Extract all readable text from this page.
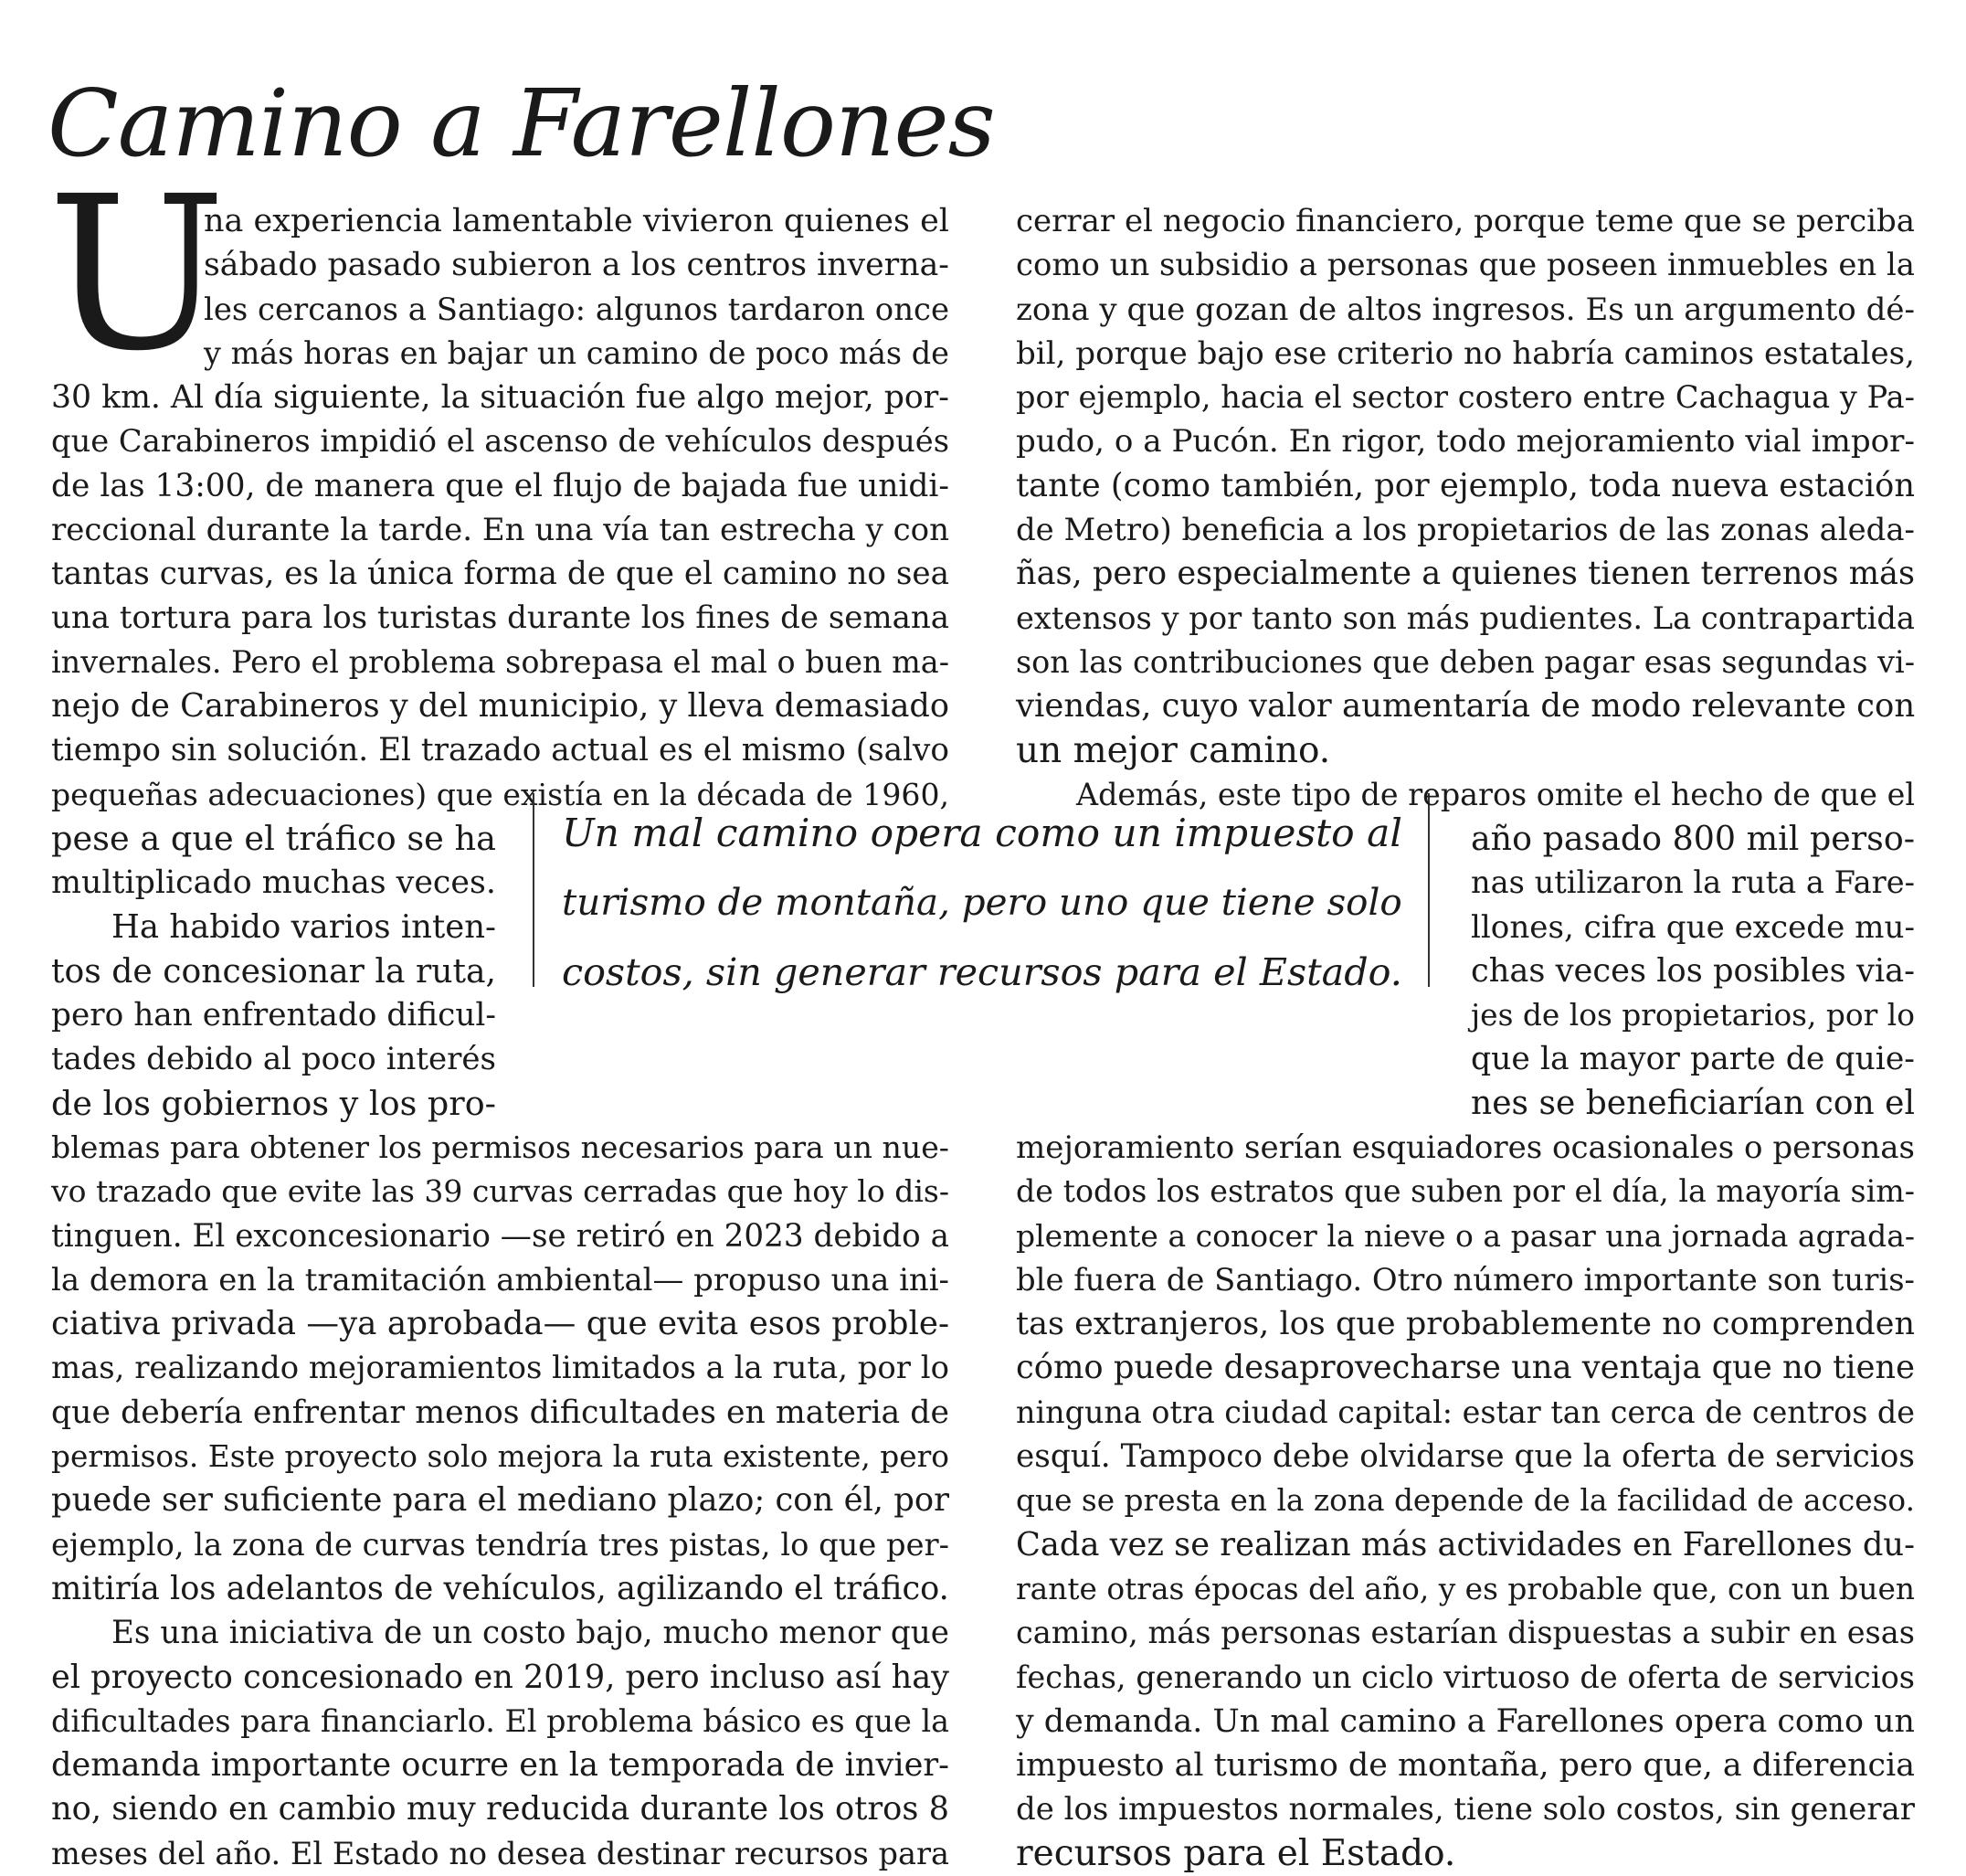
Camino a Farellones
U
na experiencia lamentable vivieron quienes el
sábado pasado subieron a los centros inverna-
les cercanos a Santiago: algunos tardaron once
y más horas en bajar un camino de poco más de
30 km. Al día siguiente, la situación fue algo mejor, por-
que Carabineros impidió el ascenso de vehículos después
de las 13:00, de manera que el flujo de bajada fue unidi-
reccional durante la tarde. En una vía tan estrecha y con
tantas curvas, es la única forma de que el camino no sea
una tortura para los turistas durante los fines de semana
invernales. Pero el problema sobrepasa el mal o buen ma-
nejo de Carabineros y del municipio, y lleva demasiado
tiempo sin solución. El trazado actual es el mismo (salvo
pequeñas adecuaciones) que existía en la década de 1960,
pese a que el tráfico se ha
multiplicado muchas veces.
Ha habido varios inten-
tos de concesionar la ruta,
pero han enfrentado dificul-
tades debido al poco interés
de los gobiernos y los pro-
blemas para obtener los permisos necesarios para un nue-
vo trazado que evite las 39 curvas cerradas que hoy lo dis-
tinguen. El exconcesionario —se retiró en 2023 debido a
la demora en la tramitación ambiental— propuso una ini-
ciativa privada —ya aprobada— que evita esos proble-
mas, realizando mejoramientos limitados a la ruta, por lo
que debería enfrentar menos dificultades en materia de
permisos. Este proyecto solo mejora la ruta existente, pero
puede ser suficiente para el mediano plazo; con él, por
ejemplo, la zona de curvas tendría tres pistas, lo que per-
mitiría los adelantos de vehículos, agilizando el tráfico.
Es una iniciativa de un costo bajo, mucho menor que
el proyecto concesionado en 2019, pero incluso así hay
dificultades para financiarlo. El problema básico es que la
demanda importante ocurre en la temporada de invier-
no, siendo en cambio muy reducida durante los otros 8
meses del año. El Estado no desea destinar recursos para
Un mal camino opera como un impuesto al
turismo de montaña, pero uno que tiene solo
costos, sin generar recursos para el Estado.
cerrar el negocio financiero, porque teme que se perciba
como un subsidio a personas que poseen inmuebles en la
zona y que gozan de altos ingresos. Es un argumento dé-
bil, porque bajo ese criterio no habría caminos estatales,
por ejemplo, hacia el sector costero entre Cachagua y Pa-
pudo, o a Pucón. En rigor, todo mejoramiento vial impor-
tante (como también, por ejemplo, toda nueva estación
de Metro) beneficia a los propietarios de las zonas aleda-
ñas, pero especialmente a quienes tienen terrenos más
extensos y por tanto son más pudientes. La contrapartida
son las contribuciones que deben pagar esas segundas vi-
viendas, cuyo valor aumentaría de modo relevante con
un mejor camino.
Además, este tipo de reparos omite el hecho de que el
año pasado 800 mil perso-
nas utilizaron la ruta a Fare-
llones, cifra que excede mu-
chas veces los posibles via-
jes de los propietarios, por lo
que la mayor parte de quie-
nes se beneficiarían con el
mejoramiento serían esquiadores ocasionales o personas
de todos los estratos que suben por el día, la mayoría sim-
plemente a conocer la nieve o a pasar una jornada agrada-
ble fuera de Santiago. Otro número importante son turis-
tas extranjeros, los que probablemente no comprenden
cómo puede desaprovecharse una ventaja que no tiene
ninguna otra ciudad capital: estar tan cerca de centros de
esquí. Tampoco debe olvidarse que la oferta de servicios
que se presta en la zona depende de la facilidad de acceso.
Cada vez se realizan más actividades en Farellones du-
rante otras épocas del año, y es probable que, con un buen
camino, más personas estarían dispuestas a subir en esas
fechas, generando un ciclo virtuoso de oferta de servicios
y demanda. Un mal camino a Farellones opera como un
impuesto al turismo de montaña, pero que, a diferencia
de los impuestos normales, tiene solo costos, sin generar
recursos para el Estado.
